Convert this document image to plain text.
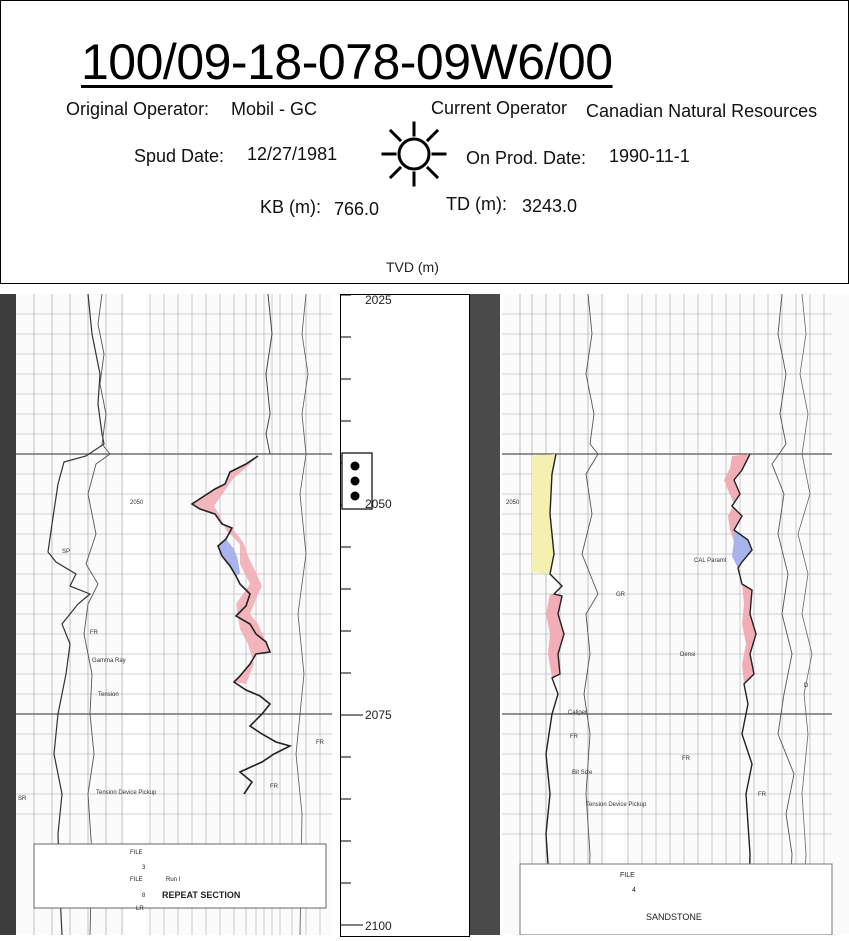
100/09-18-078-09W6/00
Original Operator: Mobil - GC	Current Operator Canadian Natural Resources
Spud Date: 12/27/1981	On Prod. Date: 1990-11-1
KB (m): 766.0	TD (m): 3243.0
TVD (m)
2050
SP
FR
Gamma Ray
Tension
Tension Device Pickup
SR
FR
FR
FILE
3
FILE	Run I
8 REPEAT SECTION
LR
2025
2050
2075
2100
2050
GR
CAL Paramt
Densi
D
Caliper
FR
Bit Size
Tension Device Pickup
FR
FR
FILE
4
SANDSTONE
